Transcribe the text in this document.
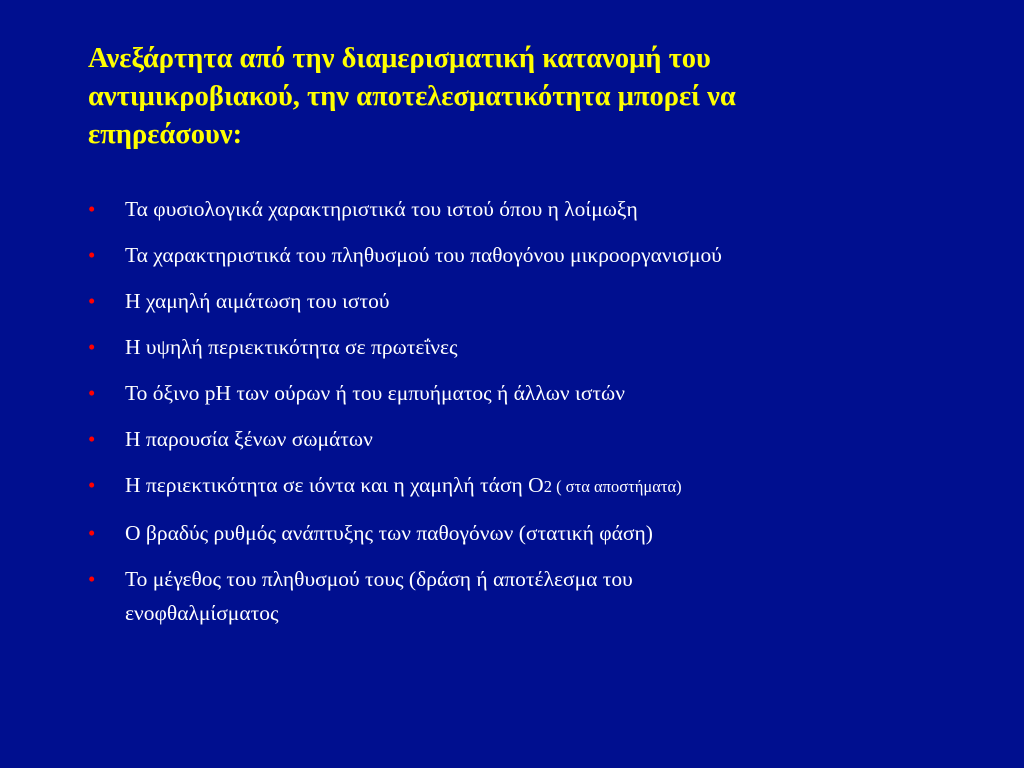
Ανεξάρτητα από την διαμερισματική κατανομή του
αντιμικροβιακού, την αποτελεσματικότητα μπορεί να
επηρεάσουν:
• Τα φυσιολογικά χαρακτηριστικά του ιστού όπου η λοίμωξη
• Τα χαρακτηριστικά του πληθυσμού του παθογόνου μικροοργανισμού
• Η χαμηλή αιμάτωση του ιστού
• Η υψηλή περιεκτικότητα σε πρωτεΐνες
• Το όξινο pH των ούρων ή του εμπυήματος ή άλλων ιστών
• Η παρουσία ξένων σωμάτων
• Η περιεκτικότητα σε ιόντα και η χαμηλή τάση O2 ( στα αποστήματα)
• Ο βραδύς ρυθμός ανάπτυξης των παθογόνων (στατική φάση)
• Το μέγεθος του πληθυσμού τους (δράση ή αποτέλεσμα του
ενοφθαλμίσματος
